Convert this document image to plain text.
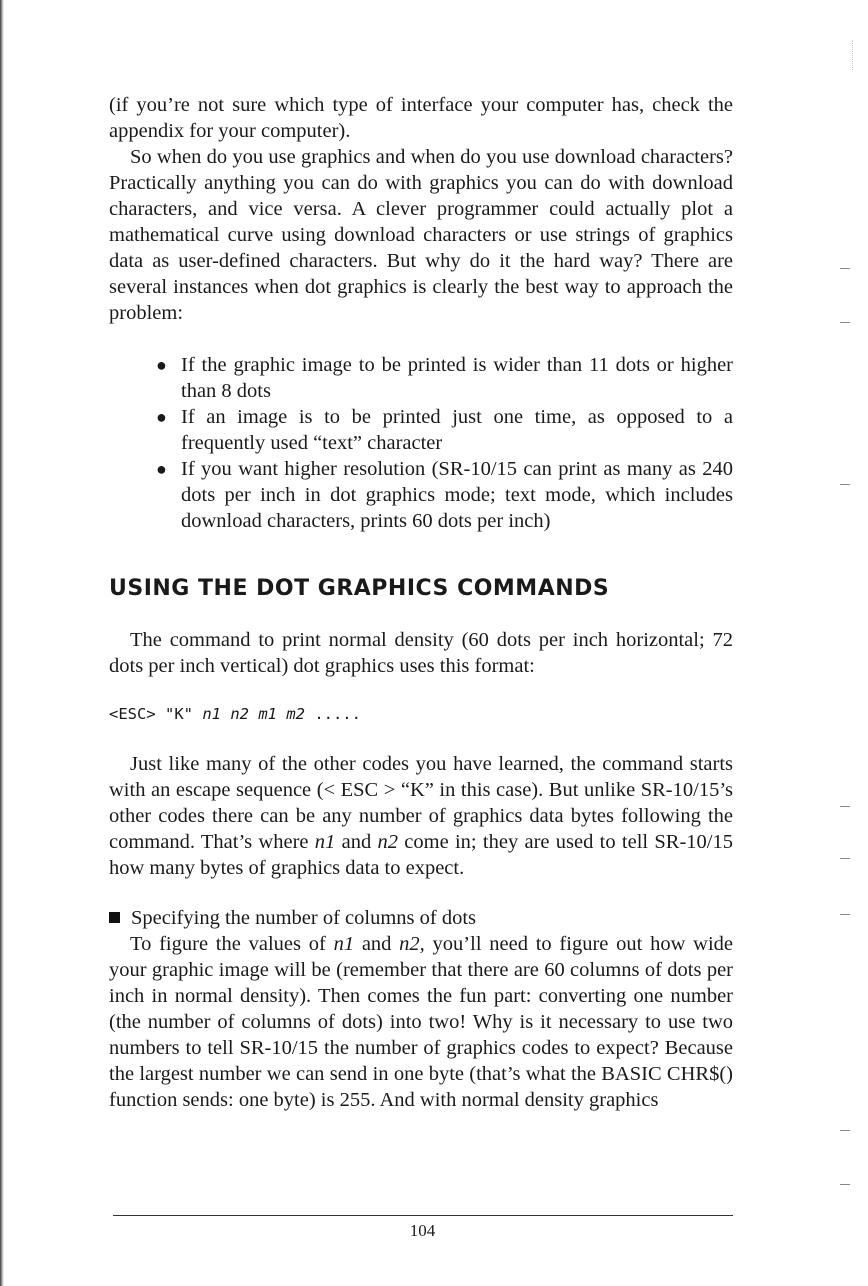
(if you’re not sure which type of interface your computer has, check the appendix for your computer).

So when do you use graphics and when do you use download characters? Practically anything you can do with graphics you can do with download characters, and vice versa. A clever programmer could actually plot a mathematical curve using download characters or use strings of graphics data as user-defined characters. But why do it the hard way? There are several instances when dot graphics is clearly the best way to approach the problem:

● If the graphic image to be printed is wider than 11 dots or higher than 8 dots
● If an image is to be printed just one time, as opposed to a frequently used “text” character
● If you want higher resolution (SR-10/15 can print as many as 240 dots per inch in dot graphics mode; text mode, which includes download characters, prints 60 dots per inch)
USING THE DOT GRAPHICS COMMANDS

The command to print normal density (60 dots per inch horizontal; 72 dots per inch vertical) dot graphics uses this format:

<ESC> "K" n1 n2 m1 m2 .....

Just like many of the other codes you have learned, the command starts with an escape sequence (< ESC > “K” in this case). But unlike SR-10/15’s other codes there can be any number of graphics data bytes following the command. That’s where n1 and n2 come in; they are used to tell SR-10/15 how many bytes of graphics data to expect.

Specifying the number of columns of dots

To figure the values of n1 and n2, you’ll need to figure out how wide your graphic image will be (remember that there are 60 columns of dots per inch in normal density). Then comes the fun part: converting one number (the number of columns of dots) into two! Why is it necessary to use two numbers to tell SR-10/15 the number of graphics codes to expect? Because the largest number we can send in one byte (that’s what the BASIC CHR$() function sends: one byte) is 255. And with normal density graphics

104
